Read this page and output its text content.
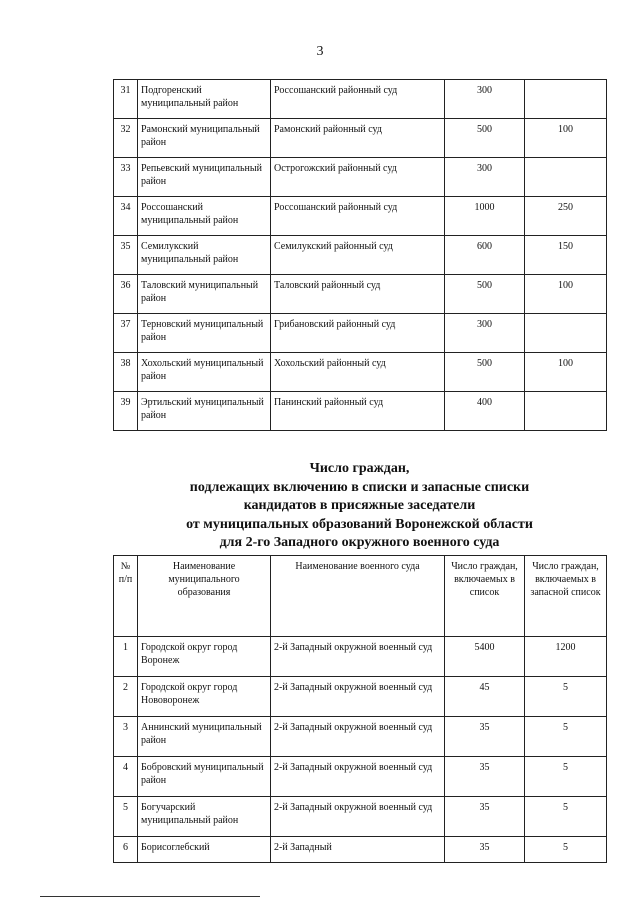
3
31	Подгоренский муниципальный район	Россошанский районный суд	300	
32	Рамонский муниципальный район	Рамонский районный суд	500	100
33	Репьевский муниципальный район	Острогожский районный суд	300	
34	Россошанский муниципальный район	Россошанский районный суд	1000	250
35	Семилукский муниципальный район	Семилукский районный суд	600	150
36	Таловский муниципальный район	Таловский районный суд	500	100
37	Терновский муниципальный район	Грибановский районный суд	300	
38	Хохольский муниципальный район	Хохольский районный суд	500	100
39	Эртильский муниципальный район	Панинский районный суд	400	
Число граждан,
подлежащих включению в списки и запасные списки
кандидатов в присяжные заседатели
от муниципальных образований Воронежской области
для 2-го Западного окружного военного суда
№ п/п	Наименование муниципального образования	Наименование военного суда	Число граждан, включаемых в список	Число граждан, включаемых в запасной список
1	Городской округ город Воронеж	2-й Западный окружной военный суд	5400	1200
2	Городской округ город Нововоронеж	2-й Западный окружной военный суд	45	5
3	Аннинский муниципальный район	2-й Западный окружной военный суд	35	5
4	Бобровский муниципальный район	2-й Западный окружной военный суд	35	5
5	Богучарский муниципальный район	2-й Западный окружной военный суд	35	5
6	Борисоглебский	2-й Западный	35	5
